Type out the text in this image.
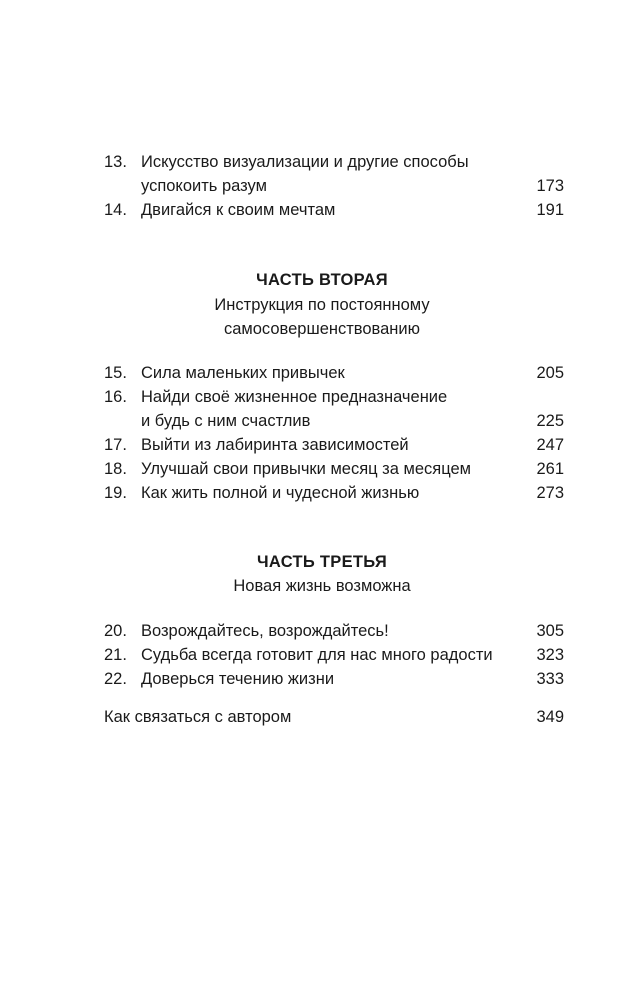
13. Искусство визуализации и другие способы
успокоить разум	173
14. Двигайся к своим мечтам	191
ЧАСТЬ ВТОРАЯ
Инструкция по постоянному
самосовершенствованию
15. Сила маленьких привычек	205
16. Найди своё жизненное предназначение
и будь с ним счастлив	225
17. Выйти из лабиринта зависимостей	247
18. Улучшай свои привычки месяц за месяцем	261
19. Как жить полной и чудесной жизнью	273
ЧАСТЬ ТРЕТЬЯ
Новая жизнь возможна
20. Возрождайтесь, возрождайтесь!	305
21. Судьба всегда готовит для нас много радости	323
22. Доверься течению жизни	333
Как связаться с автором	349
